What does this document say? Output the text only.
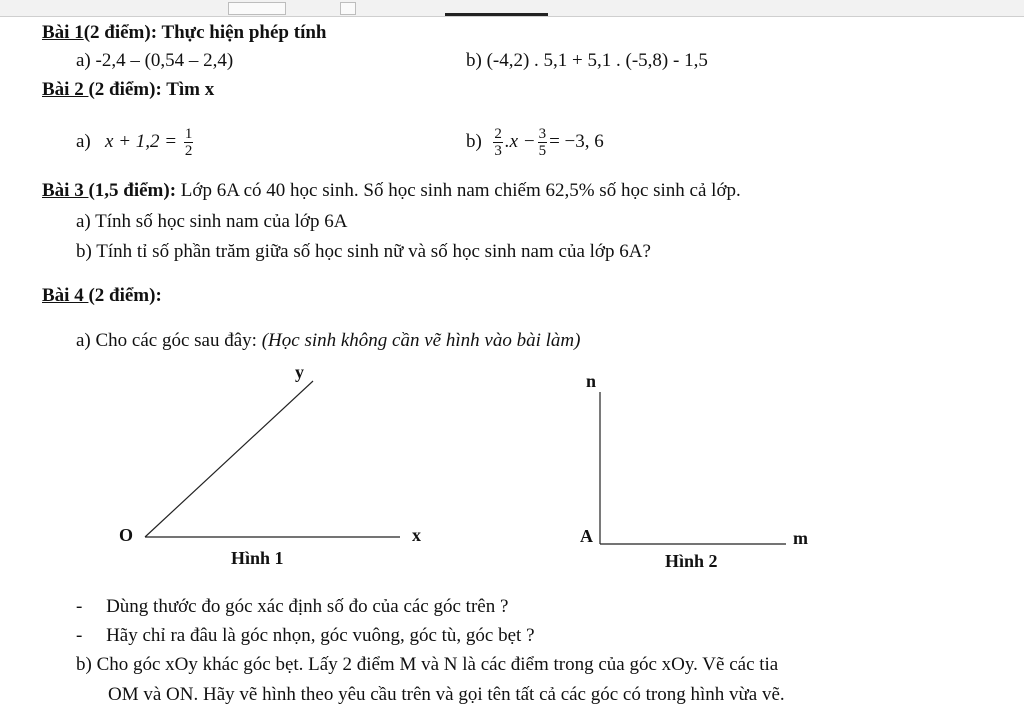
Bài 1(2 điểm): Thực hiện phép tính
a) -2,4 – (0,54 – 2,4)	b) (-4,2) . 5,1 + 5,1 . (-5,8) - 1,5
Bài 2 (2 điểm): Tìm x
a) $x + 1,2 = \frac{1}{2}$	$b) \frac{2}{3} .x - \frac{3}{5} = -3$, 6
Bài 3 (1,5 điểm): Lớp 6A có 40 học sinh. Số học sinh nam chiếm 62,5% số học sinh cả lớp.
a) Tính số học sinh nam của lớp 6A
b) Tính tỉ số phần trăm giữa số học sinh nữ và số học sinh nam của lớp 6A?
Bài 4 (2 điểm):
a) Cho các góc sau đây: (Học sinh không cần vẽ hình vào bài làm)
O	x
y
Hình 1
A	m
n
Hình 2
-     Dùng thước đo góc xác định số đo của các góc trên ?
-     Hãy chỉ ra đâu là góc nhọn, góc vuông, góc tù, góc bẹt ?
b) Cho góc xOy khác góc bẹt. Lấy 2 điểm M và N là các điểm trong của góc xOy. Vẽ các tia
OM và ON. Hãy vẽ hình theo yêu cầu trên và gọi tên tất cả các góc có trong hình vừa vẽ.
